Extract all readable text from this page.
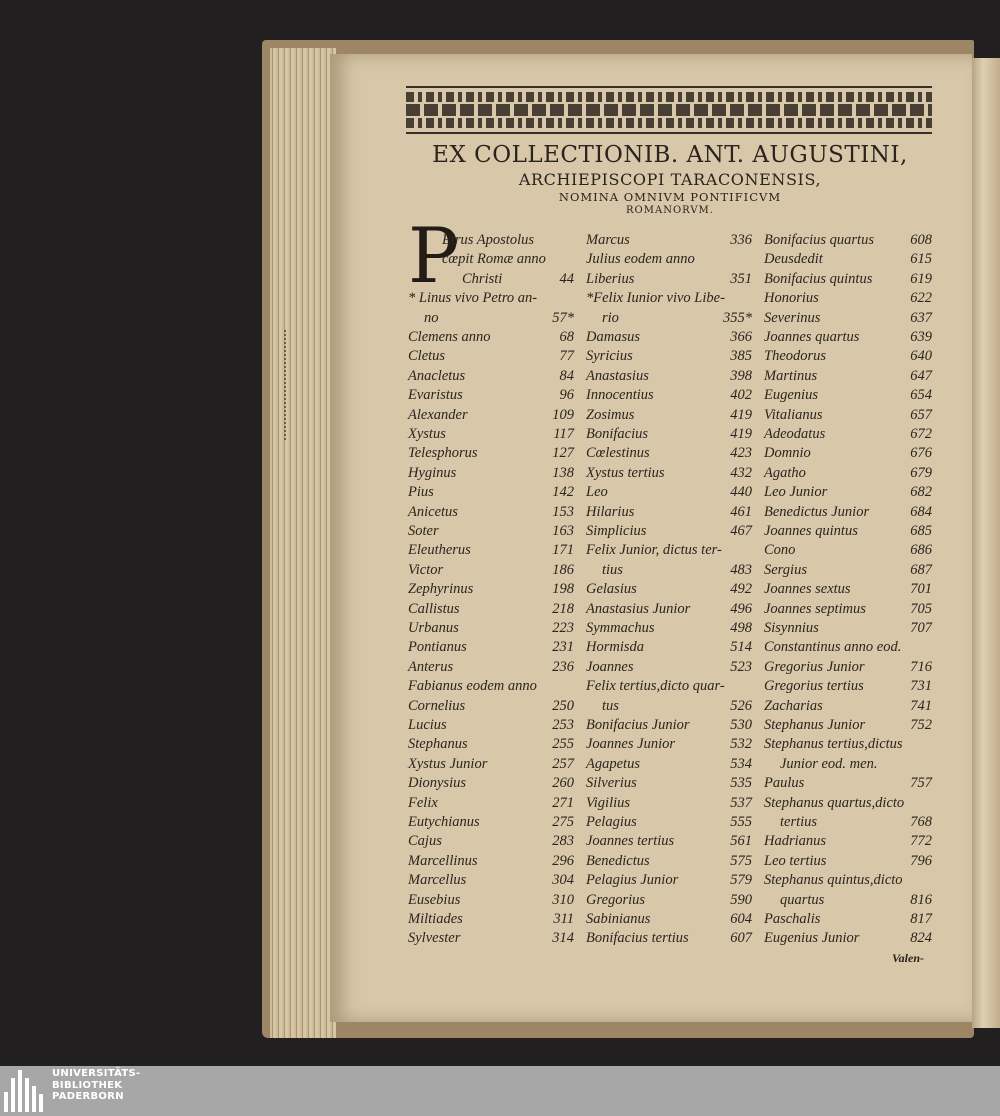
EX COLLECTIONIB. ANT. AUGUSTINI,
ARCHIEPISCOPI TARACONENSIS,
NOMINA OMNIVM PONTIFICVM
ROMANORVM.
P
Etrus Apostolus
cœpit Romæ anno
Christi	44
* Linus vivo Petro an-
no	57*
Clemens anno	68
Cletus	77
Anacletus	84
Evaristus	96
Alexander	109
Xystus	117
Telesphorus	127
Hyginus	138
Pius	142
Anicetus	153
Soter	163
Eleutherus	171
Victor	186
Zephyrinus	198
Callistus	218
Urbanus	223
Pontianus	231
Anterus	236
Fabianus eodem anno
Cornelius	250
Lucius	253
Stephanus	255
Xystus Junior	257
Dionysius	260
Felix	271
Eutychianus	275
Cajus	283
Marcellinus	296
Marcellus	304
Eusebius	310
Miltiades	311
Sylvester	314
Marcus	336
Julius eodem anno
Liberius	351
*Felix Iunior vivo Libe-
rio	355*
Damasus	366
Syricius	385
Anastasius	398
Innocentius	402
Zosimus	419
Bonifacius	419
Cœlestinus	423
Xystus tertius	432
Leo	440
Hilarius	461
Simplicius	467
Felix Junior, dictus ter-
tius	483
Gelasius	492
Anastasius Junior	496
Symmachus	498
Hormisda	514
Joannes	523
Felix tertius,dicto quar-
tus	526
Bonifacius Junior	530
Joannes Junior	532
Agapetus	534
Silverius	535
Vigilius	537
Pelagius	555
Joannes tertius	561
Benedictus	575
Pelagius Junior	579
Gregorius	590
Sabinianus	604
Bonifacius tertius	607
Bonifacius quartus	608
Deusdedit	615
Bonifacius quintus	619
Honorius	622
Severinus	637
Joannes quartus	639
Theodorus	640
Martinus	647
Eugenius	654
Vitalianus	657
Adeodatus	672
Domnio	676
Agatho	679
Leo Junior	682
Benedictus Junior	684
Joannes quintus	685
Cono	686
Sergius	687
Joannes sextus	701
Joannes septimus	705
Sisynnius	707
Constantinus anno eod.
Gregorius Junior	716
Gregorius tertius	731
Zacharias	741
Stephanus Junior	752
Stephanus tertius,dictus
Junior eod. men.
Paulus	757
Stephanus quartus,dicto
tertius	768
Hadrianus	772
Leo tertius	796
Stephanus quintus,dicto
quartus	816
Paschalis	817
Eugenius Junior	824
Valen-
UNIVERSITÄTS-
BIBLIOTHEK
PADERBORN
